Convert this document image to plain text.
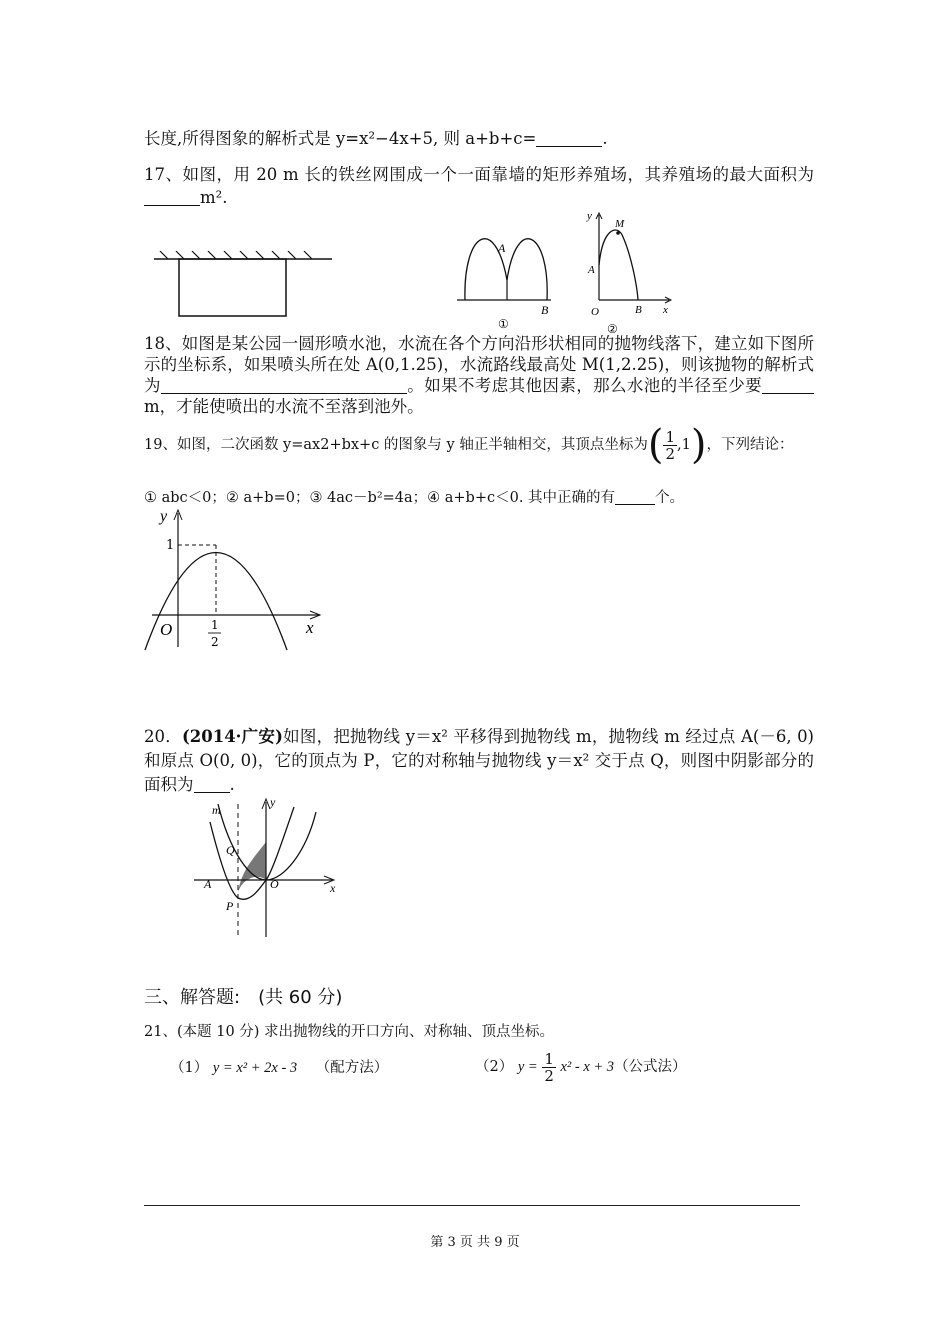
长度,所得图象的解析式是 y=x²−4x+5, 则 a+b+c=	.
17、如图，用 20 m 长的铁丝网围成一个一面靠墙的矩形养殖场，其养殖场的最大面积为m².
A
B
①
y
M
A
O	B x
②
18、如图是某公园一圆形喷水池，水流在各个方向沿形状相同的抛物线落下，建立如下图所示的坐标系，如果喷头所在处 A(0,1.25)，水流路线最高处 M(1,2.25)，则该抛物的解析式为	。如果不考虑其他因素，那么水池的半径至少要m，才能使喷出的水流不至落到池外。
19、如图，二次函数 y=ax2+bx+c 的图象与 y 轴正半轴相交，其顶点坐标为( $\frac{1}{2} ,1$)，下列结论：
① abc＜0；② a+b=0；③ 4ac－b²=4a；④ a+b+c＜0. 其中正确的有	个。
y
1
O	x
1
2
20．(2014·广安)如图，把抛物线 y＝x² 平移得到抛物线 m，抛物线 m 经过点 A(－6, 0)和原点 O(0, 0)，它的顶点为 P，它的对称轴与抛物线 y＝x² 交于点 Q，则图中阴影部分的面积为 .
m
y
Q
A	O
P
x
三、解答题:　(共 60 分)
21、(本题 10 分) 求出抛物线的开口方向、对称轴、顶点坐标。
（1） y = x² + 2x - 3 （配方法）	（2） $y = \frac{1}{2} x^2 - x + 3$（公式法）
第 3 页 共 9 页
